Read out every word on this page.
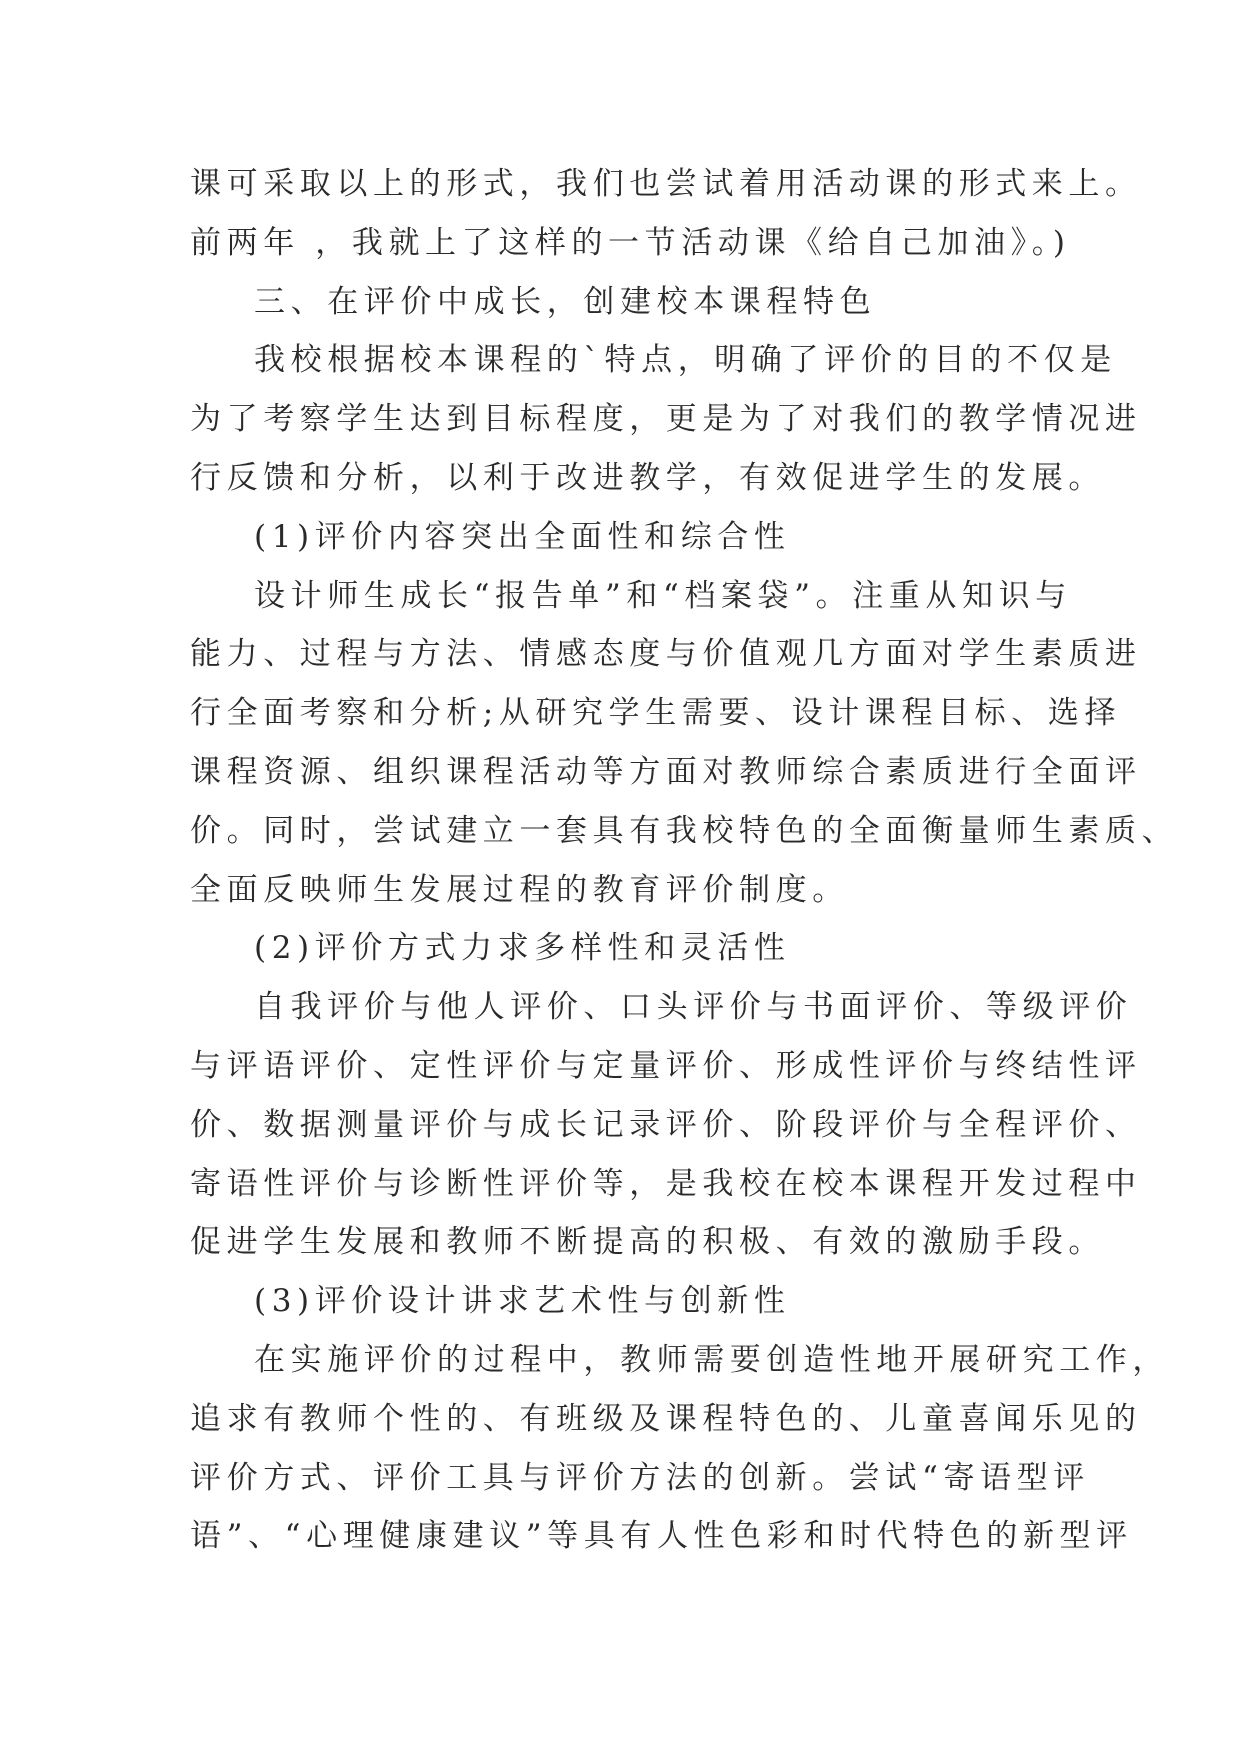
课可采取以上的形式，我们也尝试着用活动课的形式来上。
前两年 ，我就上了这样的一节活动课《给自己加油》。)
三、在评价中成长，创建校本课程特色
我校根据校本课程的`特点，明确了评价的目的不仅是
为了考察学生达到目标程度，更是为了对我们的教学情况进
行反馈和分析，以利于改进教学，有效促进学生的发展。
(1)评价内容突出全面性和综合性
设计师生成长“报告单”和“档案袋”。注重从知识与
能力、过程与方法、情感态度与价值观几方面对学生素质进
行全面考察和分析;从研究学生需要、设计课程目标、选择
课程资源、组织课程活动等方面对教师综合素质进行全面评
价。同时，尝试建立一套具有我校特色的全面衡量师生素质、
全面反映师生发展过程的教育评价制度。
(2)评价方式力求多样性和灵活性
自我评价与他人评价、口头评价与书面评价、等级评价
与评语评价、定性评价与定量评价、形成性评价与终结性评
价、数据测量评价与成长记录评价、阶段评价与全程评价、
寄语性评价与诊断性评价等，是我校在校本课程开发过程中
促进学生发展和教师不断提高的积极、有效的激励手段。
(3)评价设计讲求艺术性与创新性
在实施评价的过程中，教师需要创造性地开展研究工作，
追求有教师个性的、有班级及课程特色的、儿童喜闻乐见的
评价方式、评价工具与评价方法的创新。尝试“寄语型评
语”、“心理健康建议”等具有人性色彩和时代特色的新型评
